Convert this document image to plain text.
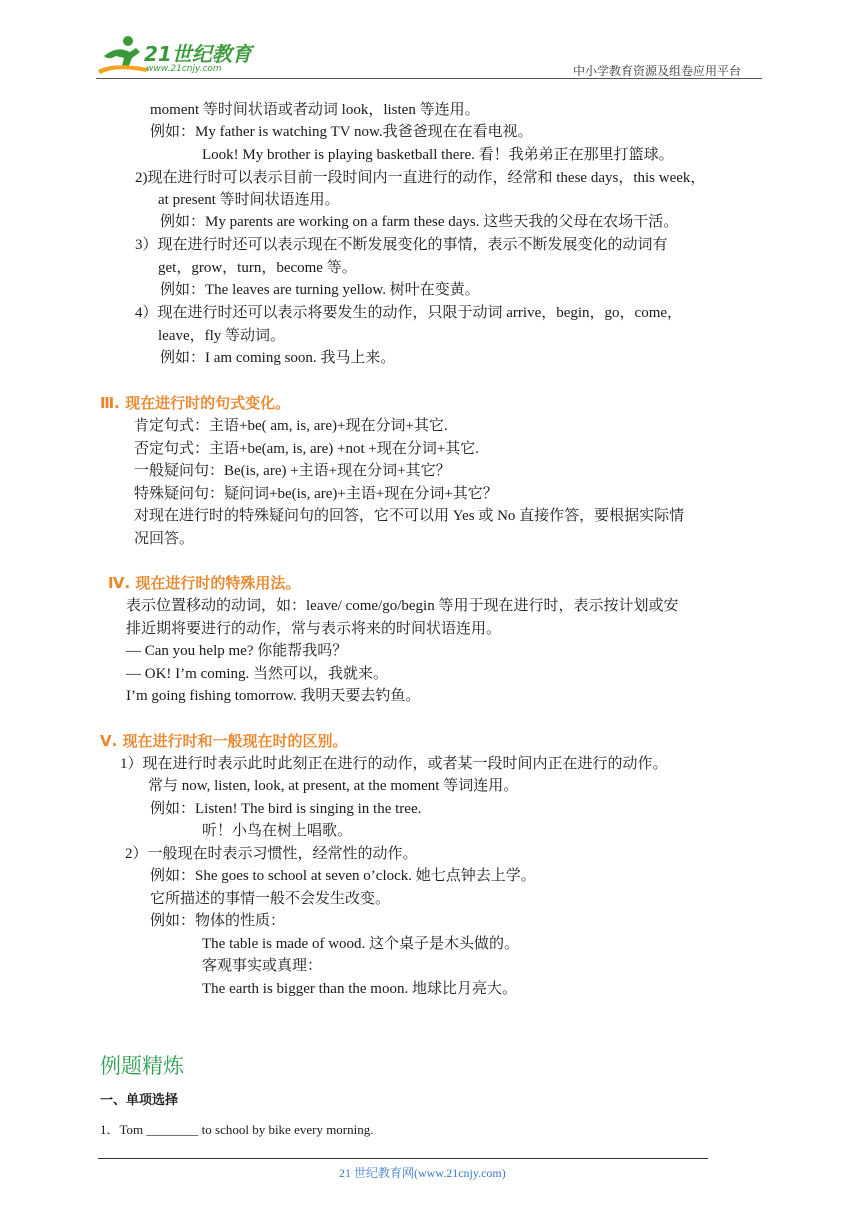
21世纪教育
www.21cnjy.com	中小学教育资源及组卷应用平台
moment 等时间状语或者动词 look，listen 等连用。
例如：My father is watching TV now.我爸爸现在在看电视。
Look! My brother is playing basketball there. 看！我弟弟正在那里打篮球。
2)现在进行时可以表示目前一段时间内一直进行的动作，经常和 these days，this week，
at present 等时间状语连用。
例如：My parents are working on a farm these days. 这些天我的父母在农场干活。
3）现在进行时还可以表示现在不断发展变化的事情，表示不断发展变化的动词有
get，grow，turn，become 等。
例如：The leaves are turning yellow. 树叶在变黄。
4）现在进行时还可以表示将要发生的动作，只限于动词 arrive，begin，go，come，
leave，fly 等动词。
例如：I am coming soon. 我马上来。
Ⅲ. 现在进行时的句式变化。
肯定句式：主语+be( am, is, are)+现在分词+其它.
否定句式：主语+be(am, is, are) +not +现在分词+其它.
一般疑问句：Be(is, are) +主语+现在分词+其它？
特殊疑问句：疑问词+be(is, are)+主语+现在分词+其它？
对现在进行时的特殊疑问句的回答，它不可以用 Yes 或 No 直接作答，要根据实际情
况回答。
Ⅳ. 现在进行时的特殊用法。
表示位置移动的动词，如：leave/ come/go/begin 等用于现在进行时，表示按计划或安
排近期将要进行的动作，常与表示将来的时间状语连用。
— Can you help me? 你能帮我吗？
— OK! I’m coming. 当然可以，我就来。
I’m going fishing tomorrow. 我明天要去钓鱼。
Ⅴ. 现在进行时和一般现在时的区别。
1）现在进行时表示此时此刻正在进行的动作，或者某一段时间内正在进行的动作。
常与 now, listen, look, at present, at the moment 等词连用。
例如：Listen! The bird is singing in the tree.
听！小鸟在树上唱歌。
2）一般现在时表示习惯性，经常性的动作。
例如：She goes to school at seven o’clock. 她七点钟去上学。
它所描述的事情一般不会发生改变。
例如：物体的性质：
The table is made of wood. 这个桌子是木头做的。
客观事实或真理：
The earth is bigger than the moon. 地球比月亮大。
例题精炼
一、单项选择
1．Tom ________ to school by bike every morning.
21 世纪教育网(www.21cnjy.com)
